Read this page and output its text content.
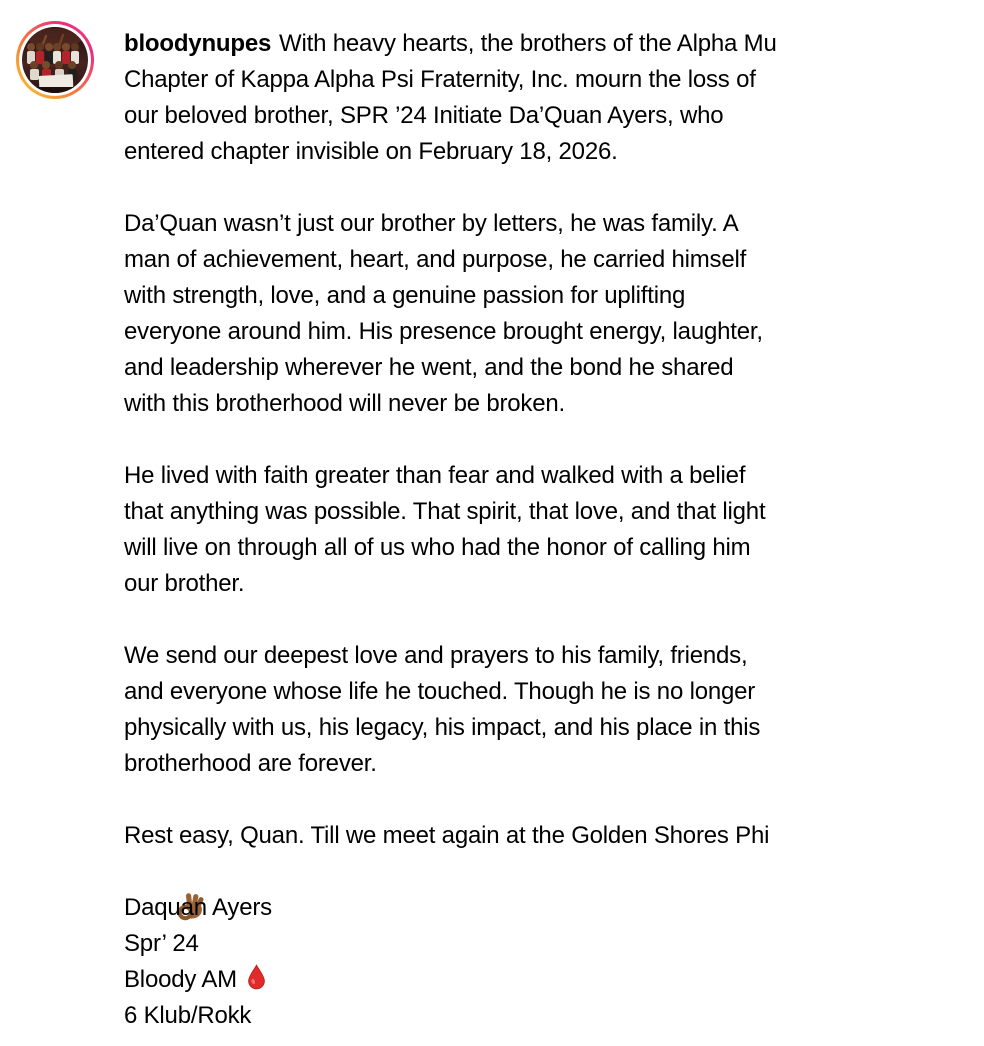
bloodynupes With heavy hearts, the brothers of the Alpha Mu
Chapter of Kappa Alpha Psi Fraternity, Inc. mourn the loss of
our beloved brother, SPR ’24 Initiate Da’Quan Ayers, who
entered chapter invisible on February 18, 2026.
Da’Quan wasn’t just our brother by letters, he was family. A
man of achievement, heart, and purpose, he carried himself
with strength, love, and a genuine passion for uplifting
everyone around him. His presence brought energy, laughter,
and leadership wherever he went, and the bond he shared
with this brotherhood will never be broken.
He lived with faith greater than fear and walked with a belief
that anything was possible. That spirit, that love, and that light
will live on through all of us who had the honor of calling him
our brother.
We send our deepest love and prayers to his family, friends,
and everyone whose life he touched. Though he is no longer
physically with us, his legacy, his impact, and his place in this
brotherhood are forever.
Rest easy, Quan. Till we meet again at the Golden Shores Phi

Daquan Ayers
Spr’ 24
Bloody AM
6 Klub/Rokk
